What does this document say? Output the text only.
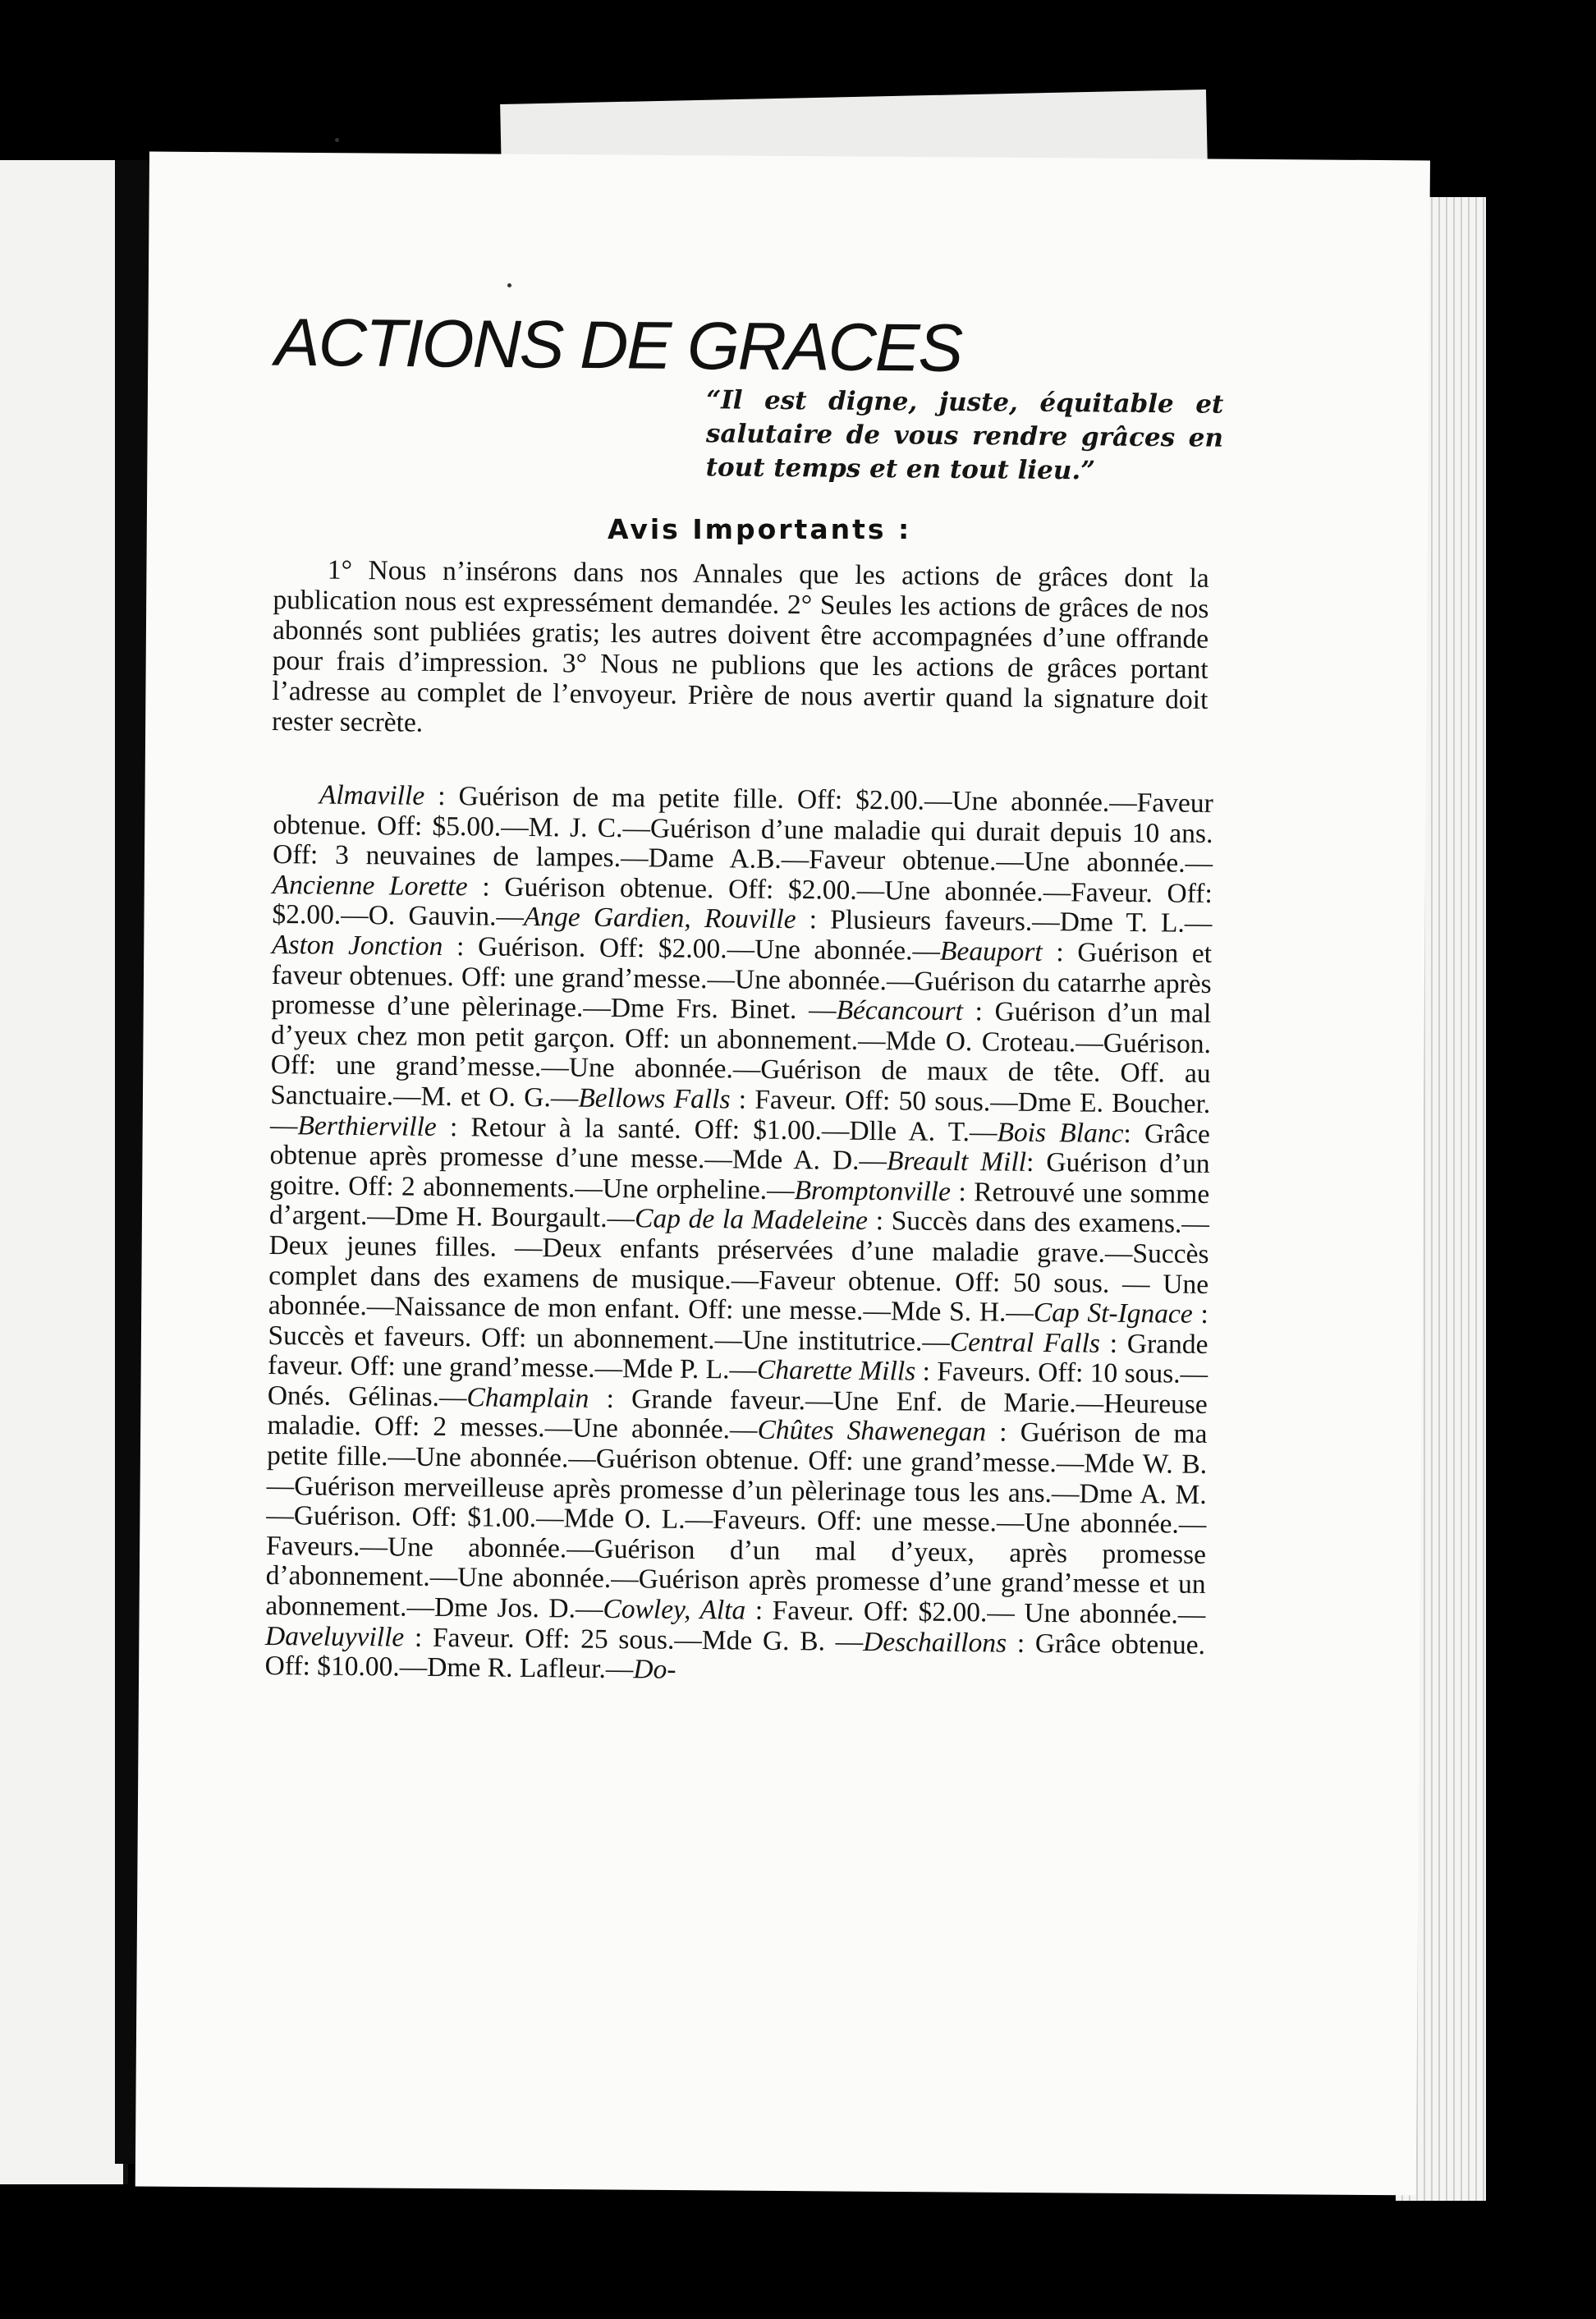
ACTIONS DE GRACES
“Il est digne, juste, équitable et salutaire de vous rendre grâces en tout temps et en tout lieu.”
Avis Importants :
1° Nous n’insérons dans nos Annales que les actions de grâces dont la publication nous est expressément demandée. 2° Seules les actions de grâces de nos abonnés sont publiées gratis; les autres doivent être accompagnées d’une offrande pour frais d’impression. 3° Nous ne publions que les actions de grâces portant l’adresse au complet de l’envoyeur. Prière de nous avertir quand la signature doit rester secrète.
Almaville : Guérison de ma petite fille. Off: $2.00.—Une abonnée.—Faveur obtenue. Off: $5.00.—M. J. C.—Guérison d’une maladie qui durait depuis 10 ans. Off: 3 neuvaines de lampes.—Dame A.B.—Faveur obtenue.—Une abonnée.—Ancienne Lorette : Guérison obtenue. Off: $2.00.—Une abonnée.—Faveur. Off: $2.00.—O. Gauvin.—Ange Gardien, Rouville : Plusieurs faveurs.—Dme T. L.—Aston Jonction : Guérison. Off: $2.00.—Une abonnée.—Beauport : Guérison et faveur obtenues. Off: une grand’messe.—Une abonnée.—Guérison du catarrhe après promesse d’une pèlerinage.—Dme Frs. Binet. —Bécancourt : Guérison d’un mal d’yeux chez mon petit garçon. Off: un abonnement.—Mde O. Croteau.—Guérison. Off: une grand’messe.—Une abonnée.—Guérison de maux de tête. Off. au Sanctuaire.—M. et O. G.—Bellows Falls : Faveur. Off: 50 sous.—Dme E. Boucher.—Berthierville : Retour à la santé. Off: $1.00.—Dlle A. T.—Bois Blanc: Grâce obtenue après promesse d’une messe.—Mde A. D.—Breault Mill: Guérison d’un goitre. Off: 2 abonnements.—Une orpheline.—Bromptonville : Retrouvé une somme d’argent.—Dme H. Bourgault.—Cap de la Madeleine : Succès dans des examens.—Deux jeunes filles. —Deux enfants préservées d’une maladie grave.—Succès complet dans des examens de musique.—Faveur obtenue. Off: 50 sous. — Une abonnée.—Naissance de mon enfant. Off: une messe.—Mde S. H.—Cap St-Ignace : Succès et faveurs. Off: un abonnement.—Une institutrice.—Central Falls : Grande faveur. Off: une grand’messe.—Mde P. L.—Charette Mills : Faveurs. Off: 10 sous.—Onés. Gélinas.—Champlain : Grande faveur.—Une Enf. de Marie.—Heureuse maladie. Off: 2 messes.—Une abonnée.—Chûtes Shawenegan : Guérison de ma petite fille.—Une abonnée.—Guérison obtenue. Off: une grand’messe.—Mde W. B.—Guérison merveilleuse après promesse d’un pèlerinage tous les ans.—Dme A. M.—Guérison. Off: $1.00.—Mde O. L.—Faveurs. Off: une messe.—Une abonnée.—Faveurs.—Une abonnée.—Guérison d’un mal d’yeux, après promesse d’abonnement.—Une abonnée.—Guérison après promesse d’une grand’messe et un abonnement.—Dme Jos. D.—Cowley, Alta : Faveur. Off: $2.00.— Une abonnée.—Daveluyville : Faveur. Off: 25 sous.—Mde G. B. —Deschaillons : Grâce obtenue. Off: $10.00.—Dme R. Lafleur.—Do-
